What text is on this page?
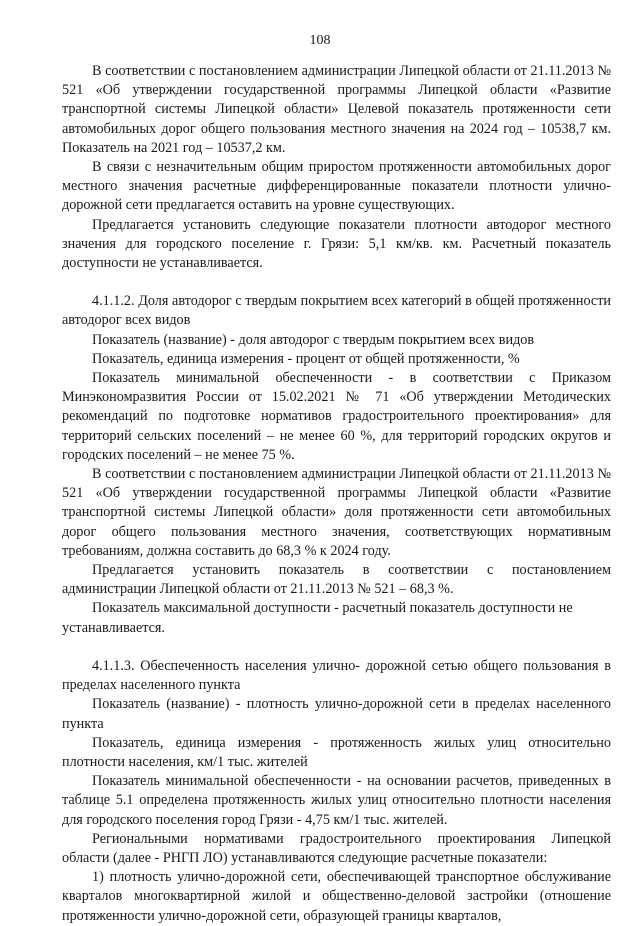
108

В соответствии с постановлением администрации Липецкой области от 21.11.2013 № 521 «Об утверждении государственной программы Липецкой области «Развитие транспортной системы Липецкой области» Целевой показатель протяженности сети автомобильных дорог общего пользования местного значения на 2024 год – 10538,7 км. Показатель на 2021 год – 10537,2 км.

В связи с незначительным общим приростом протяженности автомобильных дорог местного значения расчетные дифференцированные показатели плотности улично-дорожной сети предлагается оставить на уровне существующих.

Предлагается установить следующие показатели плотности автодорог местного значения для городского поселение г. Грязи: 5,1 км/кв. км. Расчетный показатель доступности не устанавливается.

4.1.1.2. Доля автодорог с твердым покрытием всех категорий в общей протяженности автодорог всех видов

Показатель (название) - доля автодорог с твердым покрытием всех видов

Показатель, единица измерения - процент от общей протяженности, %

Показатель минимальной обеспеченности - в соответствии с Приказом Минэкономразвития России от 15.02.2021 № 71 «Об утверждении Методических рекомендаций по подготовке нормативов градостроительного проектирования» для территорий сельских поселений – не менее 60 %, для территорий городских округов и городских поселений – не менее 75 %.

В соответствии с постановлением администрации Липецкой области от 21.11.2013 № 521 «Об утверждении государственной программы Липецкой области «Развитие транспортной системы Липецкой области» доля протяженности сети автомобильных дорог общего пользования местного значения, соответствующих нормативным требованиям, должна составить до 68,3 % к 2024 году.

Предлагается установить показатель в соответствии с постановлением администрации Липецкой области от 21.11.2013 № 521 – 68,3 %.

Показатель максимальной доступности - расчетный показатель доступности не устанавливается.

4.1.1.3. Обеспеченность населения улично- дорожной сетью общего пользования в пределах населенного пункта

Показатель (название) - плотность улично-дорожной сети в пределах населенного пункта

Показатель, единица измерения - протяженность жилых улиц относительно плотности населения, км/1 тыс. жителей

Показатель минимальной обеспеченности - на основании расчетов, приведенных в таблице 5.1 определена протяженность жилых улиц относительно плотности населения для городского поселения город Грязи - 4,75 км/1 тыс. жителей.

Региональными нормативами градостроительного проектирования Липецкой области (далее - РНГП ЛО) устанавливаются следующие расчетные показатели:

1) плотность улично-дорожной сети, обеспечивающей транспортное обслуживание кварталов многоквартирной жилой и общественно-деловой застройки (отношение протяженности улично-дорожной сети, образующей границы кварталов,
